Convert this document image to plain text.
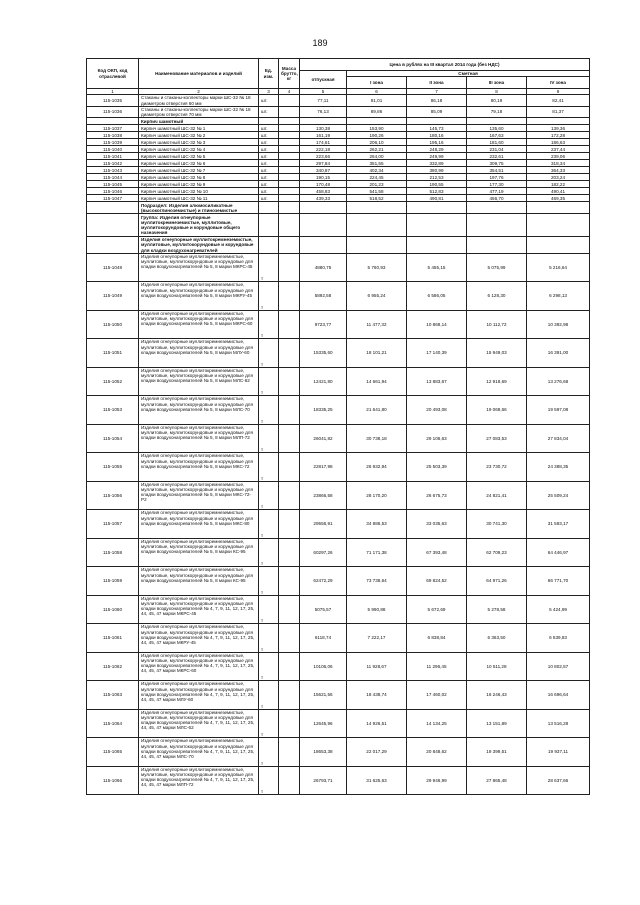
189
Код ОКП, код отраслевой	Наименование материалов и изделий	Ед. изм.	Масса брутто, кг	Цена в рублях на III квартал 2014 года (без НДС)				
				отпускная	Сметная			
					I зона	II зона	III зона	IV зона

1	2	3	4	5	6	7	8	9
115-1035	Стаканы и стаканы-коллекторы марки ШС-32 № 18 диаметром отверстия 60 мм	шт.		77,11	91,01	86,18	80,19	82,41
115-1036	Стаканы и стаканы-коллекторы марки ШС-32 № 18 диаметром отверстия 70 мм	шт.		76,13	89,86	85,09	79,18	81,37
	Кирпич шамотный							
115-1037	Кирпич шамотный ШС-32 № 1	шт.		130,38	153,90	145,73	135,60	139,36
115-1038	Кирпич шамотный ШС-32 № 2	шт.		161,19	190,26	180,16	167,63	172,28
115-1039	Кирпич шамотный ШС-32 № 3	шт.		174,61	206,10	195,16	181,60	186,63
115-1040	Кирпич шамотный ШС-32 № 4	шт.		222,18	262,21	248,29	231,04	237,44
115-1041	Кирпич шамотный ШС-32 № 5	шт.		223,66	264,00	249,99	232,61	239,06
115-1042	Кирпич шамотный ШС-32 № 6	шт.		297,84	351,55	332,89	309,75	318,34
115-1043	Кирпич шамотный ШС-32 № 7	шт.		340,87	402,34	380,99	354,51	364,33
115-1044	Кирпич шамотный ШС-32 № 8	шт.		190,15	224,45	212,53	197,76	203,24
115-1045	Кирпич шамотный ШС-32 № 9	шт.		170,48	201,23	190,55	177,30	182,22
115-1046	Кирпич шамотный ШС-32 № 10	шт.		458,83	541,58	512,83	477,19	490,41
115-1047	Кирпич шамотный ШС-32 № 11	шт.		439,33	518,52	490,81	456,70	469,35
	Подраздел: Изделия алюмосиликатные (высокоглиноземистые) и глиноземистые							
	Группа: Изделия огнеупорные муллитокремнеземистые, муллитовые, муллитокорундовые и корундовые общего назначения							
	Изделия огнеупорные муллитокремнеземистые, муллитовые, муллитокорундовые и корундовые для кладки воздухонагревателей							
115-1048	Изделия огнеупорные муллитокремнеземистые, муллитовые, муллитокорундовые и корундовые для кладки воздухонагревателей № 5, 8 марки МКРС-45	т		4880,75	5 760,93	5 455,15	5 075,99	5 216,64
115-1049	Изделия огнеупорные муллитокремнеземистые, муллитовые, муллитокорундовые и корундовые для кладки воздухонагревателей № 5, 8 марки МКРУ-45	т		5892,58	6 955,24	6 586,05	6 128,30	6 298,13
115-1050	Изделия огнеупорные муллитокремнеземистые, муллитовые, муллитокорундовые и корундовые для кладки воздухонагревателей № 5, 8 марки МКРС-60	т		9723,77	11 477,32	10 868,14	10 112,72	10 392,98
115-1051	Изделия огнеупорные муллитокремнеземистые, муллитовые, муллитокорундовые и корундовые для кладки воздухонагревателей № 5, 8 марки МЛУ-60	т		15335,60	18 101,21	17 140,39	15 949,03	16 391,00
115-1052	Изделия огнеупорные муллитокремнеземистые, муллитовые, муллитокорундовые и корундовые для кладки воздухонагревателей № 5, 8 марки МЛС-62	т		12421,80	14 661,94	13 883,67	12 918,69	13 276,68
115-1053	Изделия огнеупорные муллитокремнеземистые, муллитовые, муллитокорундовые и корундовые для кладки воздухонагревателей № 5, 8 марки МЛС-70	т		18335,25	21 641,80	20 493,08	19 068,66	19 597,08
115-1054	Изделия огнеупорные муллитокремнеземистые, муллитовые, муллитокорундовые и корундовые для кладки воздухонагревателей № 5, 8 марки МЛП-72	т		26041,82	30 738,18	29 106,63	27 083,53	27 834,04
115-1055	Изделия огнеупорные муллитокремнеземистые, муллитовые, муллитокорундовые и корундовые для кладки воздухонагревателей № 5, 8 марки МКС-72	т		22817,98	26 932,94	25 503,39	23 730,72	24 388,35
115-1056	Изделия огнеупорные муллитокремнеземистые, муллитовые, муллитокорундовые и корундовые для кладки воздухонагревателей № 5, 8 марки МКС-72-Р2	т		23866,58	28 170,20	26 675,73	24 821,41	25 509,24
115-1057	Изделия огнеупорные муллитокремнеземистые, муллитовые, муллитокорундовые и корундовые для кладки воздухонагревателей № 5, 8 марки МКС-80	т		29556,91	34 886,53	33 035,63	30 741,30	31 593,17
115-1058	Изделия огнеупорные муллитокремнеземистые, муллитовые, муллитокорундовые и корундовые для кладки воздухонагревателей № 5, 8 марки КС-95	т		60297,26	71 171,38	67 393,48	62 709,23	64 446,97
115-1059	Изделия огнеупорные муллитокремнеземистые, муллитовые, муллитокорундовые и корундовые для кладки воздухонагревателей № 5, 8 марки КС-95	т		62472,29	73 738,64	69 824,52	64 971,26	66 771,70
115-1060	Изделия огнеупорные муллитокремнеземистые, муллитовые, муллитокорундовые и корундовые для кладки воздухонагревателей № 4, 7, 9, 11, 12, 17, 25, 44, 45, 47 марки МКРС-45	т		5075,57	5 990,88	5 672,69	5 278,58	5 424,99
115-1061	Изделия огнеупорные муллитокремнеземистые, муллитовые, муллитокорундовые и корундовые для кладки воздухонагревателей № 4, 7, 9, 11, 12, 17, 25, 44, 45, 47 марки МКРУ-45	т		6118,74	7 222,17	6 838,84	6 363,50	6 539,83
115-1062	Изделия огнеупорные муллитокремнеземистые, муллитовые, муллитокорундовые и корундовые для кладки воздухонагревателей № 4, 7, 9, 11, 12, 17, 25, 44, 45, 47 марки МКРС-60	т		10106,06	11 928,67	11 296,45	10 511,28	10 802,57
115-1063	Изделия огнеупорные муллитокремнеземистые, муллитовые, муллитокорундовые и корундовые для кладки воздухонагревателей № 4, 7, 9, 11, 12, 17, 25, 44, 45, 47 марки МЛУ-60	т		15621,56	18 438,74	17 460,02	16 246,43	16 696,64
115-1064	Изделия огнеупорные муллитокремнеземистые, муллитовые, муллитокорундовые и корундовые для кладки воздухонагревателей № 4, 7, 9, 11, 12, 17, 25, 44, 45, 47 марки МЛС-62	т		12645,96	14 926,51	14 134,25	13 151,89	13 516,28
115-1065	Изделия огнеупорные муллитокремнеземистые, муллитовые, муллитокорундовые и корундовые для кладки воздухонагревателей № 4, 7, 9, 11, 12, 17, 25, 44, 45, 47 марки МЛС-70	т		18653,38	22 017,29	20 848,62	19 399,51	19 937,11
115-1066	Изделия огнеупорные муллитокремнеземистые, муллитовые, муллитокорундовые и корундовые для кладки воздухонагревателей № 4, 7, 9, 11, 12, 17, 25, 44, 45, 47 марки МЛП-72	т		26793,71	31 625,63	29 946,99	27 865,48	28 637,66
